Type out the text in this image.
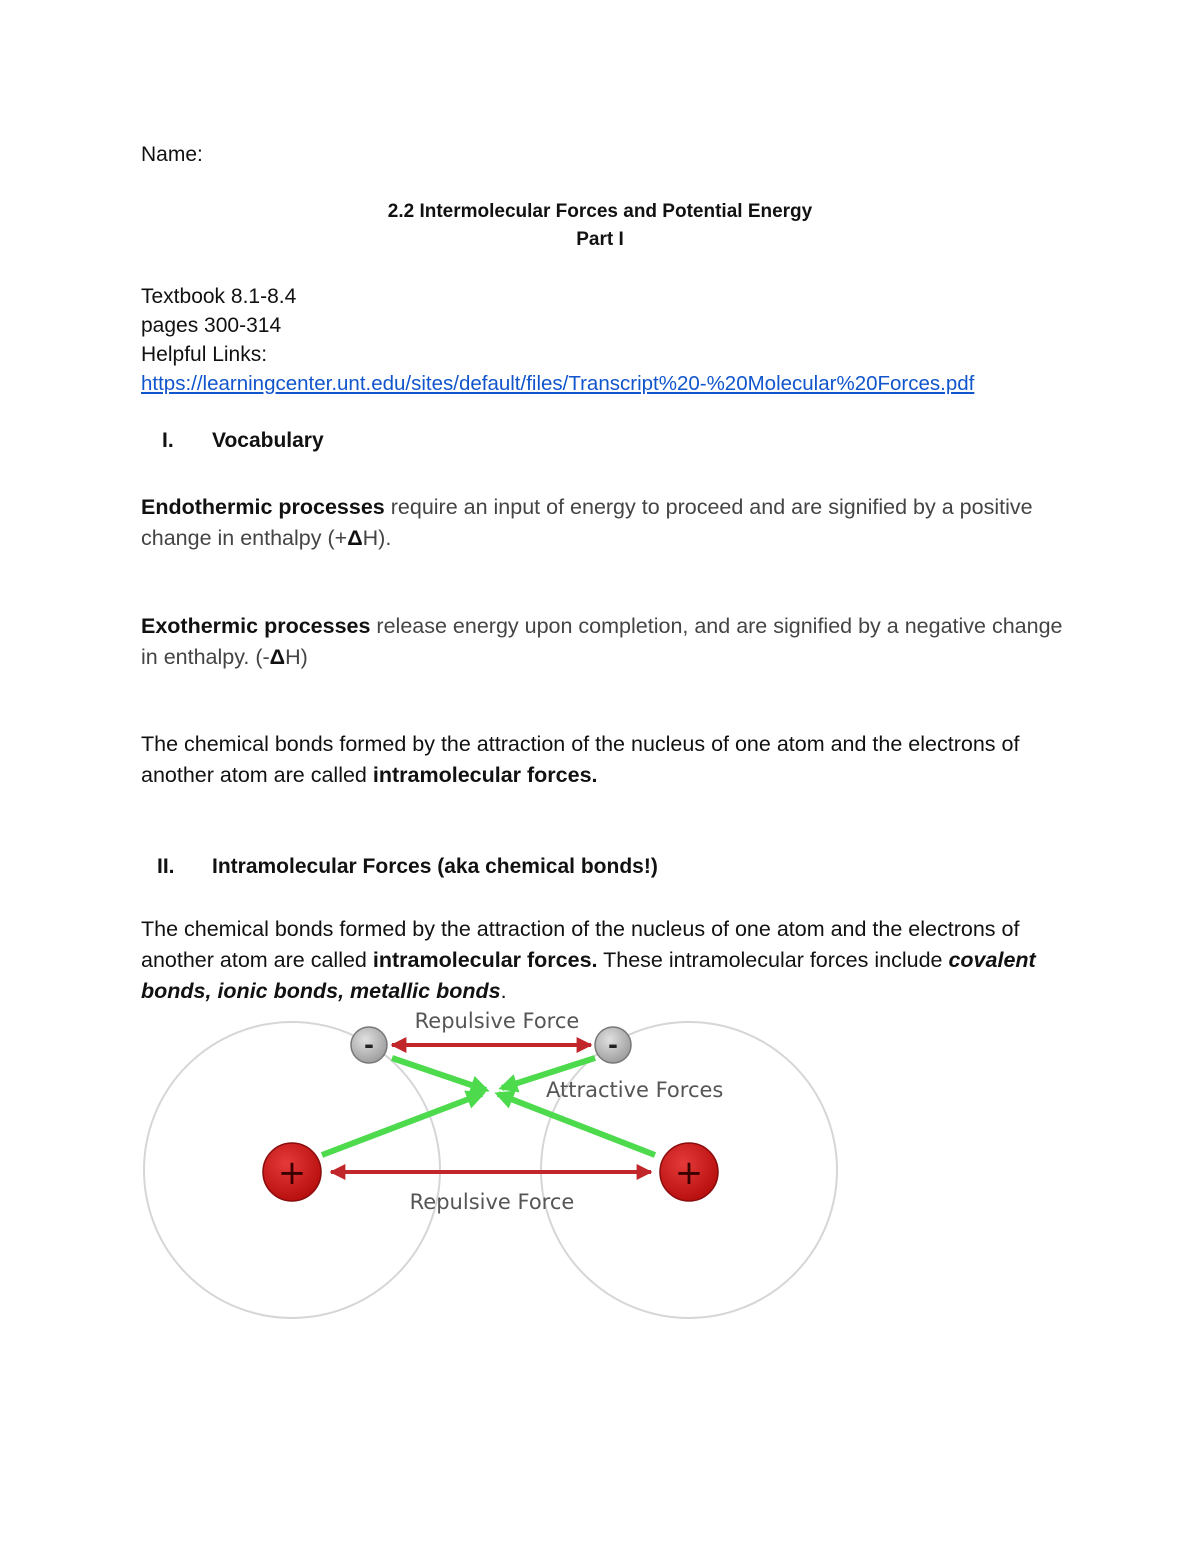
Name:
2.2 Intermolecular Forces and Potential Energy
Part I
Textbook 8.1-8.4
pages 300-314
Helpful Links:
https://learningcenter.unt.edu/sites/default/files/Transcript%20-%20Molecular%20Forces.pdf
I. Vocabulary
Endothermic processes require an input of energy to proceed and are signified by a positive change in enthalpy (+ΔH).
Exothermic processes release energy upon completion, and are signified by a negative change in enthalpy. (-ΔH)
The chemical bonds formed by the attraction of the nucleus of one atom and the electrons of another atom are called intramolecular forces.
II. Intramolecular Forces (aka chemical bonds!)
The chemical bonds formed by the attraction of the nucleus of one atom and the electrons of another atom are called intramolecular forces. These intramolecular forces include covalent bonds, ionic bonds, metallic bonds.
-	-
+	+
Repulsive Force
Attractive Forces
Repulsive Force
